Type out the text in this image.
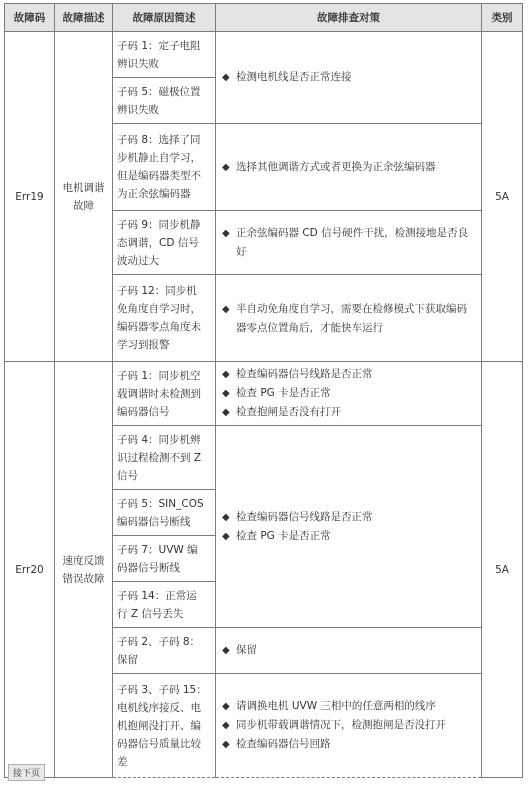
故障码	故障描述	故障原因简述	故障排查对策	类别
Err19	电机调谐故障	子码 1：定子电阻
辨识失败	◆ 检测电机线是否正常连接	5A

		子码 5：磁极位置
辨识失败		

		子码 8：选择了同
步机静止自学习，
但是编码器类型不
为正余弦编码器	◆ 选择其他调谐方式或者更换为正余弦编码器	

		子码 9：同步机静
态调谐，CD 信号
波动过大	◆ 正余弦编码器 CD 信号硬件干扰，检测接地是否良好	

		子码 12：同步机
免角度自学习时，
编码器零点角度未
学习到报警	◆ 半自动免角度自学习，需要在检修模式下获取编码器零点位置角后，才能快车运行	

Err20	速度反馈错误故障	子码 1：同步机空
载调谐时未检测到
编码器信号	◆ 检查编码器信号线路是否正常
◆ 检查 PG 卡是否正常
◆ 检查抱闸是否没有打开	5A

		子码 4：同步机辨
识过程检测不到 Z
信号	◆ 检查编码器信号线路是否正常
◆ 检查 PG 卡是否正常	

		子码 5：SIN_COS
编码器信号断线		

		子码 7：UVW 编
码器信号断线		

		子码 14：正常运
行 Z 信号丢失		

		子码 2、子码 8：
保留	◆ 保留	

		子码 3、子码 15：
电机线序接反、电
机抱闸没打开、编
码器信号质量比较
差	◆ 请调换电机 UVW 三相中的任意两相的线序
◆ 同步机带载调谐情况下，检测抱闸是否没打开
◆ 检查编码器信号回路	
接下页
